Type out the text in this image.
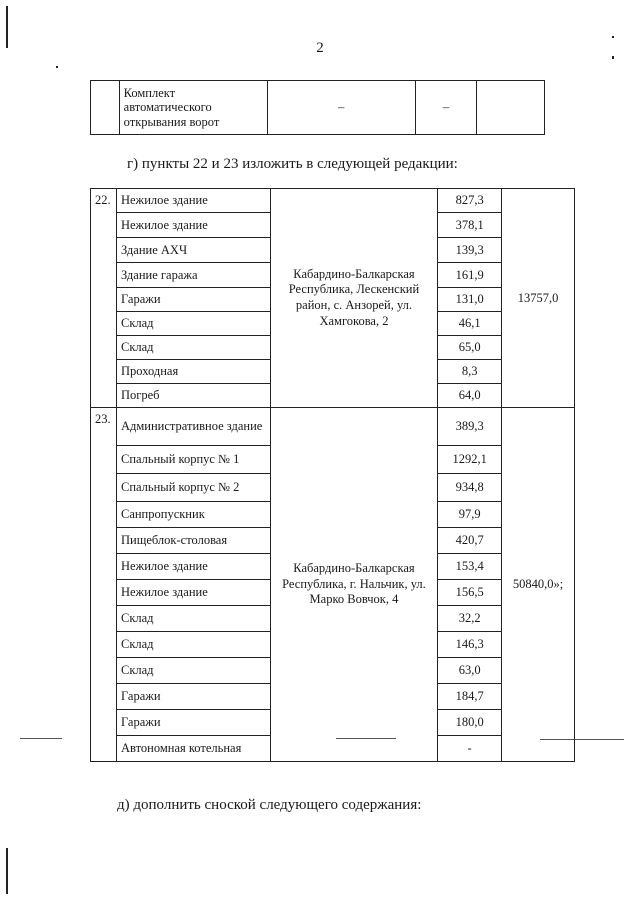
2
	Комплект автоматического открывания ворот	–	–	
г) пункты 22 и 23 изложить в следующей редакции:
22.	Нежилое здание	Кабардино-Балкарская Республика, Лескенский район, с. Анзорей, ул. Хамгокова, 2	827,3	13757,0
	Нежилое здание		378,1	
	Здание АХЧ		139,3	
	Здание гаража		161,9	
	Гаражи		131,0	
	Склад		46,1	
	Склад		65,0	
	Проходная		8,3	
	Погреб		64,0	
23.	Административное здание	Кабардино-Балкарская Республика, г. Нальчик, ул. Марко Вовчок, 4	389,3	50840,0»;
	Спальный корпус № 1		1292,1	
	Спальный корпус № 2		934,8	
	Санпропускник		97,9	
	Пищеблок-столовая		420,7	
	Нежилое здание		153,4	
	Нежилое здание		156,5	
	Склад		32,2	
	Склад		146,3	
	Склад		63,0	
	Гаражи		184,7	
	Гаражи		180,0	
	Автономная котельная		-	
д) дополнить сноской следующего содержания:
